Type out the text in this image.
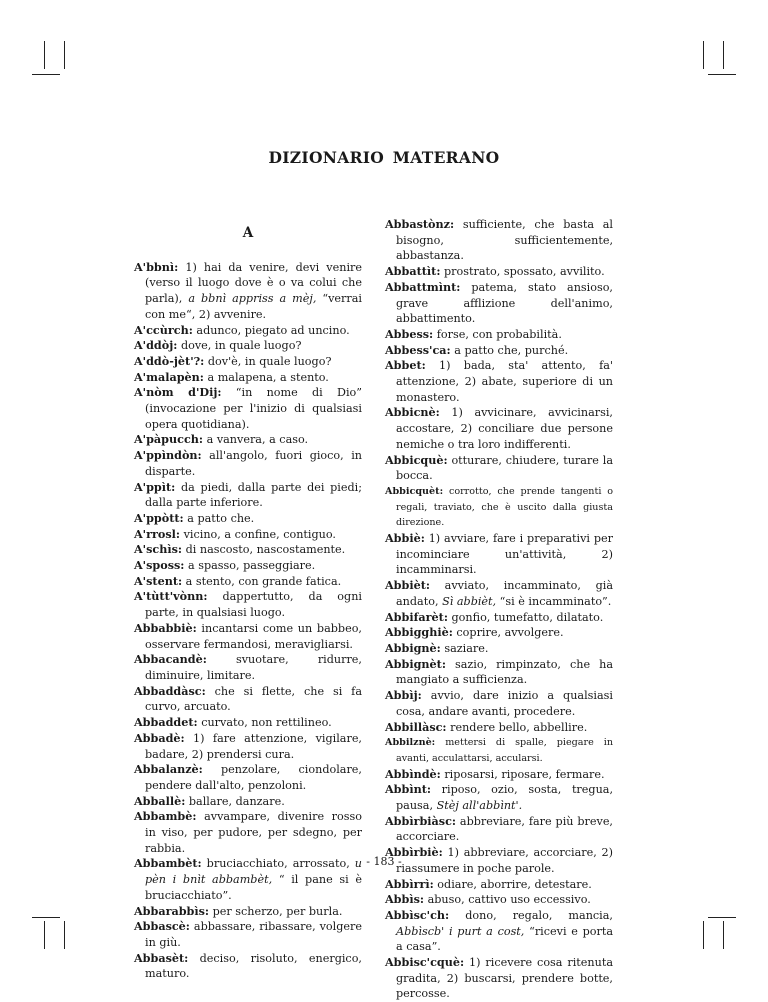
DIZIONARIO MATERANO
A
A'bbnì: 1) hai da venire, devi venire (verso il luogo dove è o va colui che parla), a bbnì appriss a mèj, “verrai con me“, 2) avvenire.
A'ccùrch: adunco, piegato ad uncino.
A'ddòj: dove, in quale luogo?
A'ddò-jèt'?: dov'è, in quale luogo?
A'malapèn: a malapena, a stento.
A'nòm d'Dij: “in nome di Dio” (invocazione per l'inizio di qualsiasi opera quotidiana).
A'pàpucch: a vanvera, a caso.
A'ppìndòn: all'angolo, fuori gioco, in disparte.
A'ppìt: da piedi, dalla parte dei piedi; dalla parte inferiore.
A'ppòtt: a patto che.
A'rrosl: vicino, a confine, contiguo.
A'schìs: di nascosto, nascostamente.
A'sposs: a spasso, passeggiare.
A'stent: a stento, con grande fatica.
A'tùtt'vònn: dappertutto, da ogni parte, in qualsiasi luogo.
Abbabbiè: incantarsi come un babbeo, osservare fermandosi, meravigliarsi.
Abbacandè: svuotare, ridurre, diminuire, limitare.
Abbaddàsc: che si flette, che si fa curvo, arcuato.
Abbaddet: curvato, non rettilineo.
Abbadè: 1) fare attenzione, vigilare, badare, 2) prendersi cura.
Abbalanzè: penzolare, ciondolare, pendere dall'alto, penzoloni.
Abballè: ballare, danzare.
Abbambè: avvampare, divenire rosso in viso, per pudore, per sdegno, per rabbia.
Abbambèt: bruciacchiato, arrossato, u pèn i bnìt abbambèt, “ il pane si è bruciacchiato”.
Abbarabbìs: per scherzo, per burla.
Abbascè: abbassare, ribassare, volgere in giù.
Abbasèt: deciso, risoluto, energico, maturo.
Abbastònz: sufficiente, che basta al bisogno, sufficientemente, abbastanza.
Abbattìt: prostrato, spossato, avvilito.
Abbattmìnt: patema, stato ansioso, grave afflizione dell'animo, abbattimento.
Abbess: forse, con probabilità.
Abbess'ca: a patto che, purché.
Abbet: 1) bada, sta' attento, fa' attenzione, 2) abate, superiore di un monastero.
Abbicnè: 1) avvicinare, avvicinarsi, accostare, 2) conciliare due persone nemiche o tra loro indifferenti.
Abbicquè: otturare, chiudere, turare la bocca.
Abbicquèt: corrotto, che prende tangenti o regali, traviato, che è uscito dalla giusta direzione.
Abbiè: 1) avviare, fare i preparativi per incominciare un'attività, 2) incamminarsi.
Abbièt: avviato, incamminato, già andato, Sì abbièt, “si è incamminato”.
Abbifarèt: gonfio, tumefatto, dilatato.
Abbigghiè: coprire, avvolgere.
Abbignè: saziare.
Abbignèt: sazio, rimpinzato, che ha mangiato a sufficienza.
Abbìj: avvio, dare inizio a qualsiasi cosa, andare avanti, procedere.
Abbillàsc: rendere bello, abbellire.
Abbilznè: mettersi di spalle, piegare in avanti, acculattarsi, accularsi.
Abbìndè: riposarsi, riposare, fermare.
Abbìnt: riposo, ozio, sosta, tregua, pausa, Stèj all'abbìnt'.
Abbìrbiàsc: abbreviare, fare più breve, accorciare.
Abbìrbiè: 1) abbreviare, accorciare, 2) riassumere in poche parole.
Abbìrrì: odiare, aborrire, detestare.
Abbìs: abuso, cattivo uso eccessivo.
Abbìsc'ch: dono, regalo, mancia, Abbìscb' i purt a cost, “ricevi e porta a casa”.
Abbisc'cquè: 1) ricevere cosa ritenuta gradita, 2) buscarsi, prendere botte, percosse.
- 183 -
